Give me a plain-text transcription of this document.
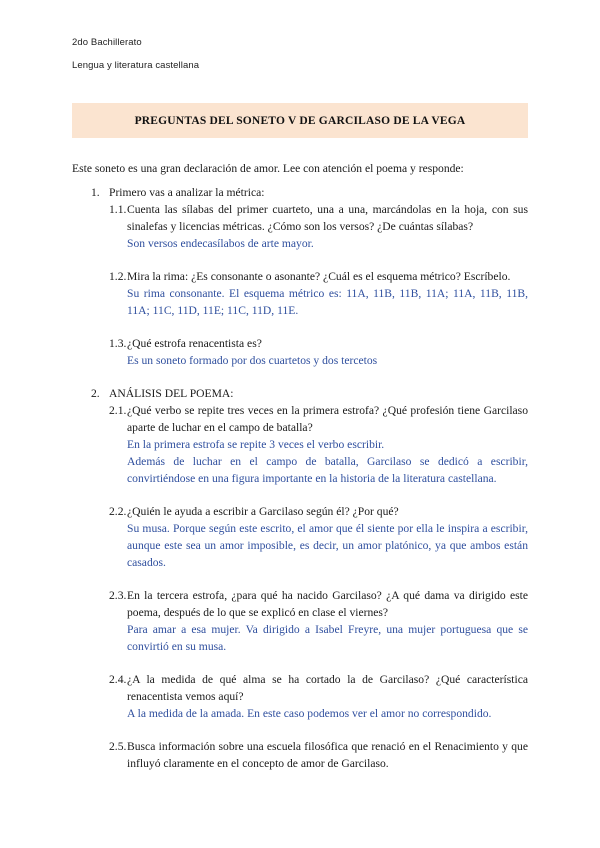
2do Bachillerato
Lengua y literatura castellana
PREGUNTAS DEL SONETO V DE GARCILASO DE LA VEGA

Este soneto es una gran declaración de amor. Lee con atención el poema y responde:

1. Primero vas a analizar la métrica:
1.1. Cuenta las sílabas del primer cuarteto, una a una, marcándolas en la hoja, con sus sinalefas y licencias métricas. ¿Cómo son los versos? ¿De cuántas sílabas?
Son versos endecasílabos de arte mayor.
1.2. Mira la rima: ¿Es consonante o asonante? ¿Cuál es el esquema métrico? Escríbelo.
Su rima consonante. El esquema métrico es: 11A, 11B, 11B, 11A; 11A, 11B, 11B, 11A; 11C, 11D, 11E; 11C, 11D, 11E.
1.3. ¿Qué estrofa renacentista es?
Es un soneto formado por dos cuartetos y dos tercetos
2. ANÁLISIS DEL POEMA:
2.1. ¿Qué verbo se repite tres veces en la primera estrofa? ¿Qué profesión tiene Garcilaso aparte de luchar en el campo de batalla?
En la primera estrofa se repite 3 veces el verbo escribir.
Además de luchar en el campo de batalla, Garcilaso se dedicó a escribir, convirtiéndose en una figura importante en la historia de la literatura castellana.
2.2. ¿Quién le ayuda a escribir a Garcilaso según él? ¿Por qué?
Su musa. Porque según este escrito, el amor que él siente por ella le inspira a escribir, aunque este sea un amor imposible, es decir, un amor platónico, ya que ambos están casados.
2.3. En la tercera estrofa, ¿para qué ha nacido Garcilaso? ¿A qué dama va dirigido este poema, después de lo que se explicó en clase el viernes?
Para amar a esa mujer. Va dirigido a Isabel Freyre, una mujer portuguesa que se convirtió en su musa.
2.4. ¿A la medida de qué alma se ha cortado la de Garcilaso? ¿Qué característica renacentista vemos aquí?
A la medida de la amada. En este caso podemos ver el amor no correspondido.
2.5. Busca información sobre una escuela filosófica que renació en el Renacimiento y que influyó claramente en el concepto de amor de Garcilaso.
